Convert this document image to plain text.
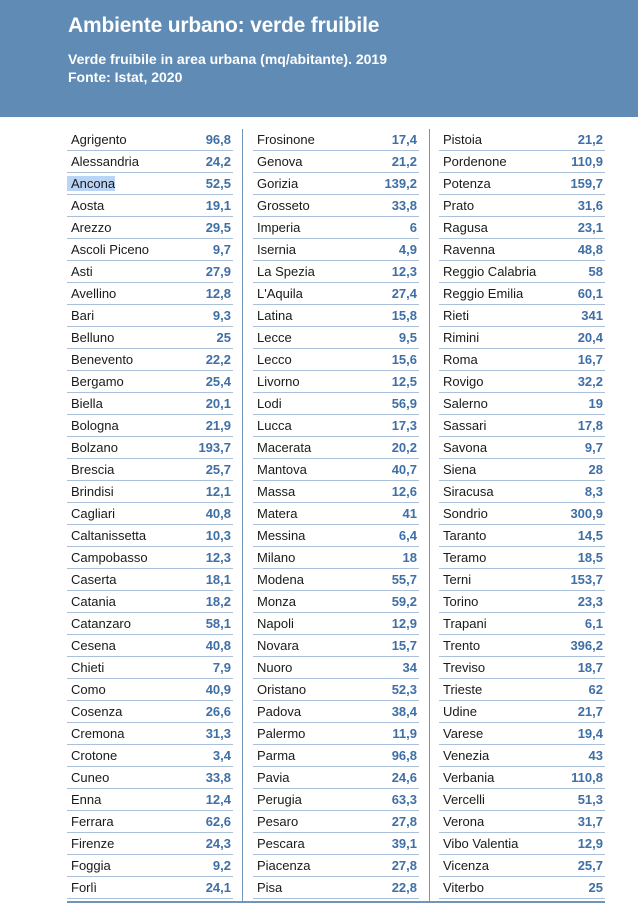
Ambiente urbano: verde fruibile
Verde fruibile in area urbana (mq/abitante). 2019
Fonte: Istat, 2020
Agrigento	96,8
Alessandria	24,2
Ancona	52,5
Aosta	19,1
Arezzo	29,5
Ascoli Piceno	9,7
Asti	27,9
Avellino	12,8
Bari	9,3
Belluno	25
Benevento	22,2
Bergamo	25,4
Biella	20,1
Bologna	21,9
Bolzano	193,7
Brescia	25,7
Brindisi	12,1
Cagliari	40,8
Caltanissetta	10,3
Campobasso	12,3
Caserta	18,1
Catania	18,2
Catanzaro	58,1
Cesena	40,8
Chieti	7,9
Como	40,9
Cosenza	26,6
Cremona	31,3
Crotone	3,4
Cuneo	33,8
Enna	12,4
Ferrara	62,6
Firenze	24,3
Foggia	9,2
Forlì	24,1
Frosinone	17,4
Genova	21,2
Gorizia	139,2
Grosseto	33,8
Imperia	6
Isernia	4,9
La Spezia	12,3
L'Aquila	27,4
Latina	15,8
Lecce	9,5
Lecco	15,6
Livorno	12,5
Lodi	56,9
Lucca	17,3
Macerata	20,2
Mantova	40,7
Massa	12,6
Matera	41
Messina	6,4
Milano	18
Modena	55,7
Monza	59,2
Napoli	12,9
Novara	15,7
Nuoro	34
Oristano	52,3
Padova	38,4
Palermo	11,9
Parma	96,8
Pavia	24,6
Perugia	63,3
Pesaro	27,8
Pescara	39,1
Piacenza	27,8
Pisa	22,8
Pistoia	21,2
Pordenone	110,9
Potenza	159,7
Prato	31,6
Ragusa	23,1
Ravenna	48,8
Reggio Calabria	58
Reggio Emilia	60,1
Rieti	341
Rimini	20,4
Roma	16,7
Rovigo	32,2
Salerno	19
Sassari	17,8
Savona	9,7
Siena	28
Siracusa	8,3
Sondrio	300,9
Taranto	14,5
Teramo	18,5
Terni	153,7
Torino	23,3
Trapani	6,1
Trento	396,2
Treviso	18,7
Trieste	62
Udine	21,7
Varese	19,4
Venezia	43
Verbania	110,8
Vercelli	51,3
Verona	31,7
Vibo Valentia	12,9
Vicenza	25,7
Viterbo	25
